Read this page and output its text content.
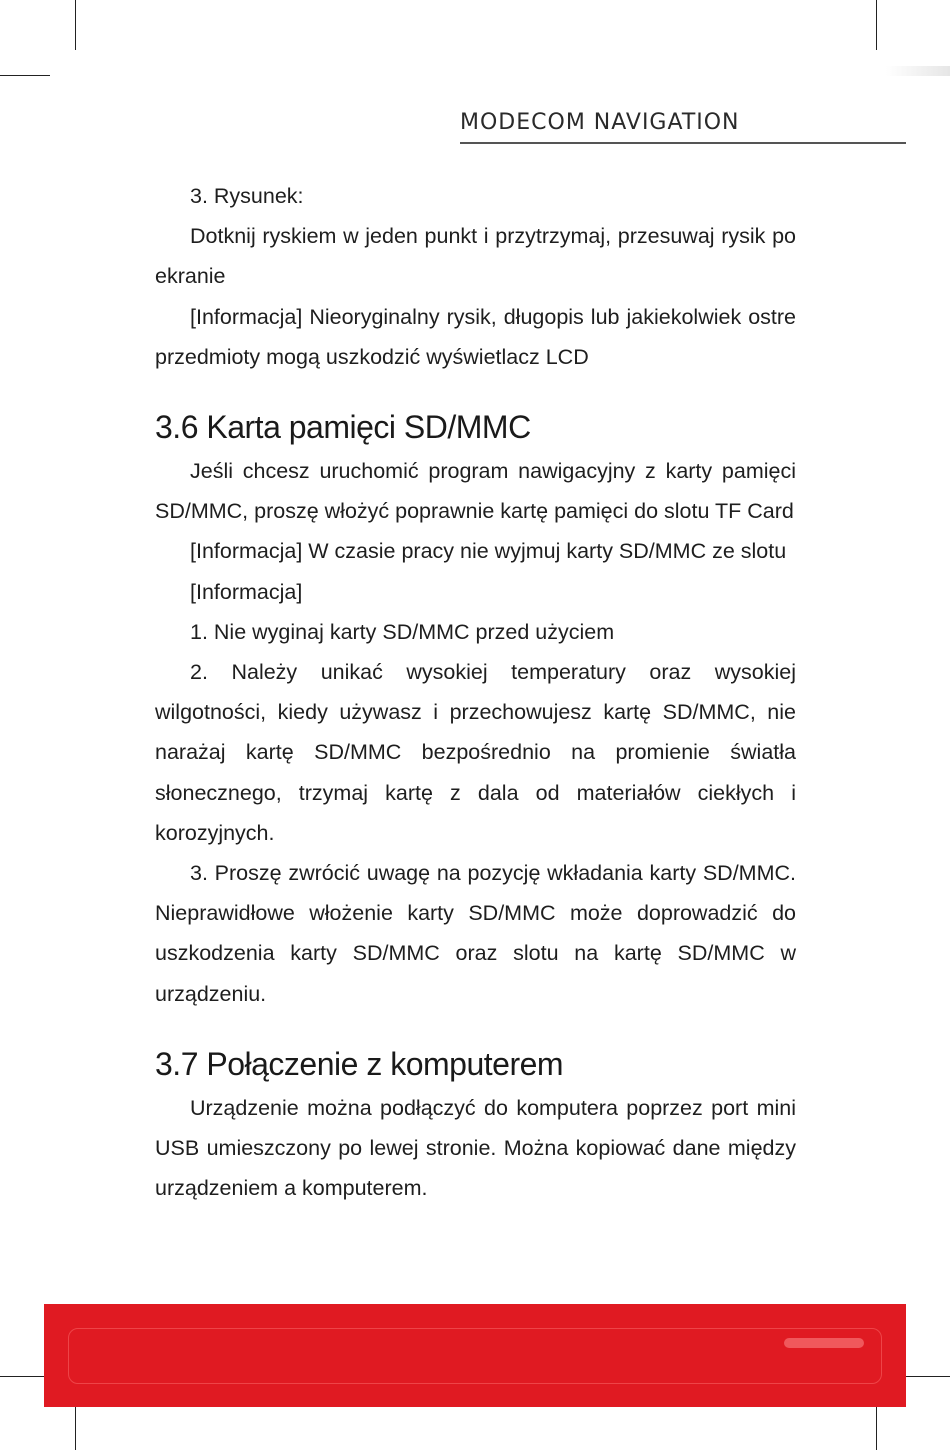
MODECOM NAVIGATION

3. Rysunek:

Dotknij ryskiem w jeden punkt i przytrzymaj, przesuwaj rysik po ekranie

[Informacja] Nieoryginalny rysik, długopis lub jakiekolwiek ostre przedmioty mogą uszkodzić wyświetlacz LCD

3.6 Karta pamięci SD/MMC

Jeśli chcesz uruchomić program nawigacyjny z karty pamięci SD/MMC, proszę włożyć poprawnie kartę pamięci do slotu TF Card

[Informacja] W czasie pracy nie wyjmuj karty SD/MMC ze slotu

[Informacja]

1. Nie wyginaj karty SD/MMC przed użyciem

2. Należy unikać wysokiej temperatury oraz wysokiej wilgotności, kiedy używasz i przechowujesz kartę SD/MMC, nie narażaj kartę SD/MMC bezpośrednio na promienie światła słonecznego, trzymaj kartę z dala od materiałów ciekłych i korozyjnych.

3. Proszę zwrócić uwagę na pozycję wkładania karty SD/MMC. Nieprawidłowe włożenie karty SD/MMC może doprowadzić do uszkodzenia karty SD/MMC oraz slotu na kartę SD/MMC w urządzeniu.

3.7 Połączenie z komputerem

Urządzenie można podłączyć do komputera poprzez port mini USB umieszczony po lewej stronie. Można kopiować dane między urządzeniem a komputerem.
